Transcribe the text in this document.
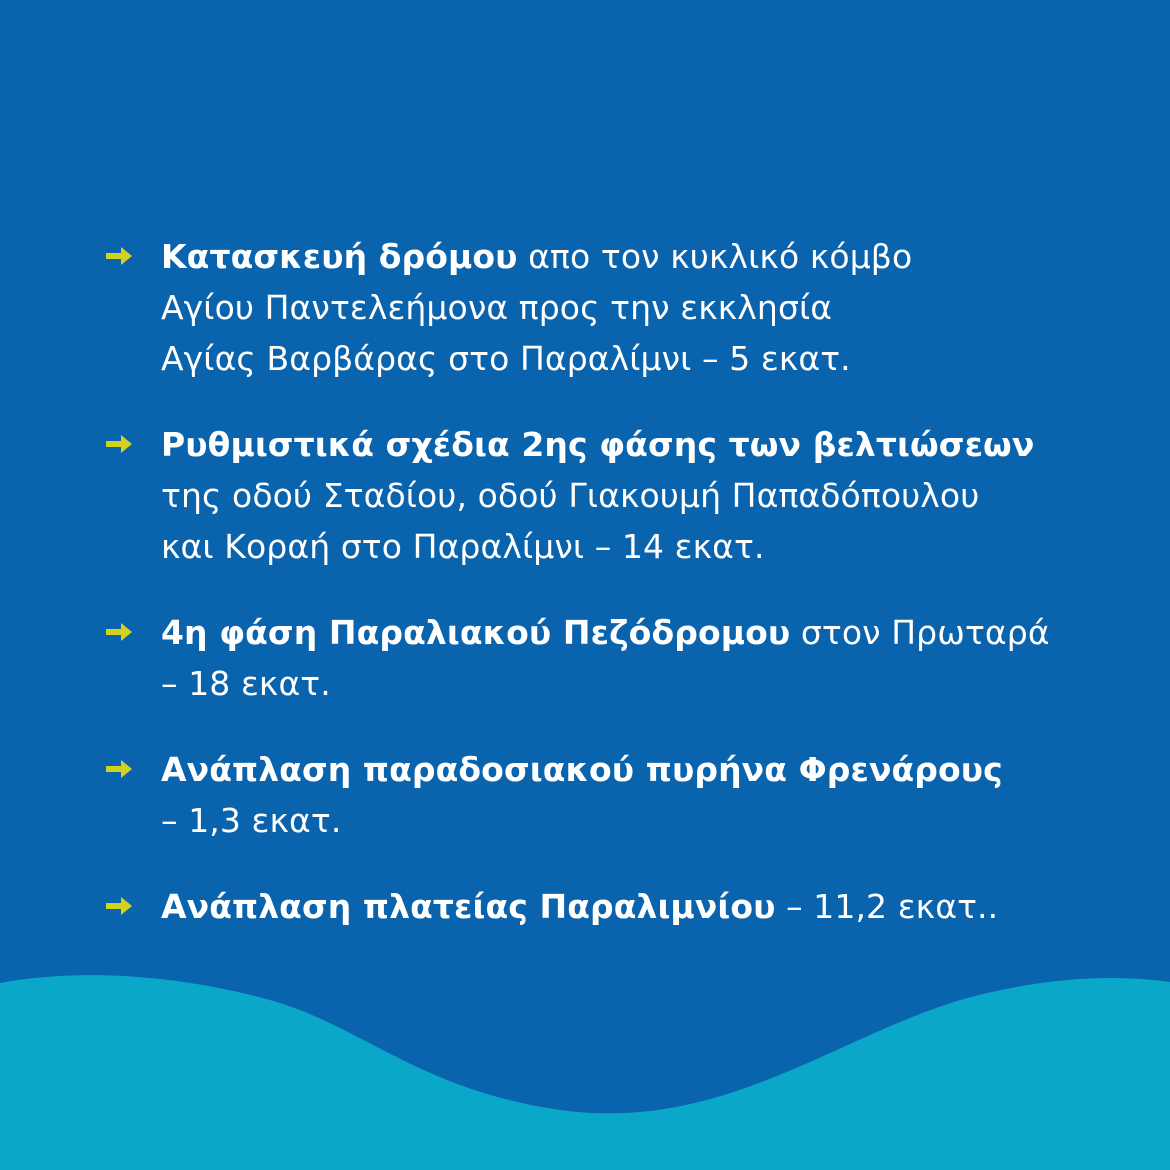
Κατασκευή δρόμου απο τον κυκλικό κόμβο
Αγίου Παντελεήμονα προς την εκκλησία
Αγίας Βαρβάρας στο Παραλίμνι – 5 εκατ.
Ρυθμιστικά σχέδια 2ης φάσης των βελτιώσεων
της οδού Σταδίου, οδού Γιακουμή Παπαδόπουλου
και Κοραή στο Παραλίμνι – 14 εκατ.
4η φάση Παραλιακού Πεζόδρομου στον Πρωταρά
– 18 εκατ.
Ανάπλαση παραδοσιακού πυρήνα Φρενάρους
– 1,3 εκατ.
Ανάπλαση πλατείας Παραλιμνίου – 11,2 εκατ..
